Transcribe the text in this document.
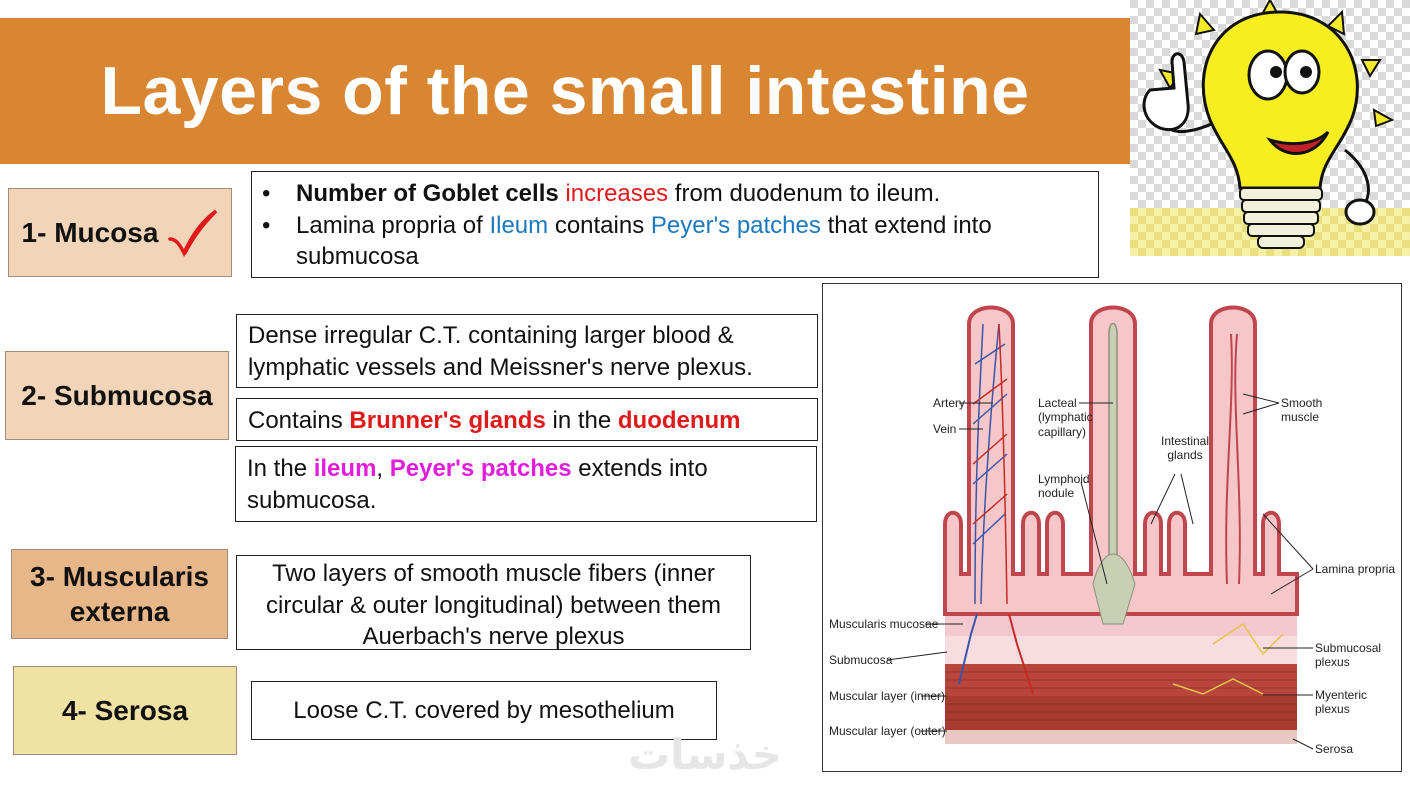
Layers of the small intestine
1- Mucosa
• Number of Goblet cells increases from duodenum to ileum.
• Lamina propria of Ileum contains Peyer's patches that extend into submucosa
2- Submucosa
Dense irregular C.T. containing larger blood & lymphatic vessels and Meissner's nerve plexus.
Contains Brunner's glands in the duodenum
In the ileum, Peyer's patches extends into submucosa.
3- Muscularis externa
Two layers of smooth muscle fibers (inner circular & outer longitudinal) between them Auerbach's nerve plexus
4- Serosa	Loose C.T. covered by mesothelium
خذسات
Artery
Vein
Lacteal (lymphatic capillary)
Lymphoid nodule
Intestinal glands
Smooth muscle
Lamina propria
Muscularis mucosae
Submucosa
Muscular layer (inner)
Muscular layer (outer)
Submucosal plexus
Myenteric plexus
Serosa
